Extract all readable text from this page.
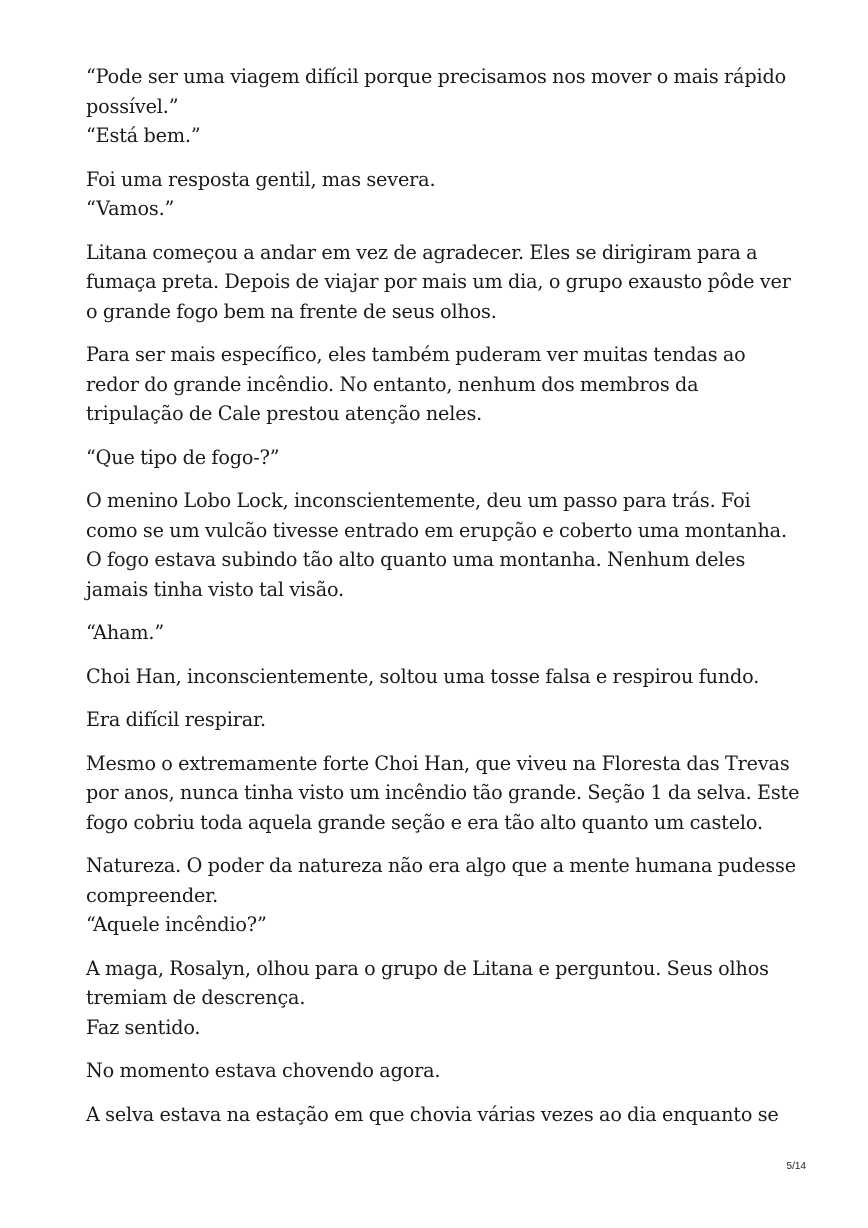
“Pode ser uma viagem difícil porque precisamos nos mover o mais rápido
possível.”
“Está bem.”

Foi uma resposta gentil, mas severa.
“Vamos.”

Litana começou a andar em vez de agradecer. Eles se dirigiram para a
fumaça preta. Depois de viajar por mais um dia, o grupo exausto pôde ver
o grande fogo bem na frente de seus olhos.

Para ser mais específico, eles também puderam ver muitas tendas ao
redor do grande incêndio. No entanto, nenhum dos membros da
tripulação de Cale prestou atenção neles.

“Que tipo de fogo-?”

O menino Lobo Lock, inconscientemente, deu um passo para trás. Foi
como se um vulcão tivesse entrado em erupção e coberto uma montanha.
O fogo estava subindo tão alto quanto uma montanha. Nenhum deles
jamais tinha visto tal visão.

“Aham.”

Choi Han, inconscientemente, soltou uma tosse falsa e respirou fundo.

Era difícil respirar.

Mesmo o extremamente forte Choi Han, que viveu na Floresta das Trevas
por anos, nunca tinha visto um incêndio tão grande. Seção 1 da selva. Este
fogo cobriu toda aquela grande seção e era tão alto quanto um castelo.

Natureza. O poder da natureza não era algo que a mente humana pudesse
compreender.
“Aquele incêndio?”

A maga, Rosalyn, olhou para o grupo de Litana e perguntou. Seus olhos
tremiam de descrença.
Faz sentido.

No momento estava chovendo agora.

A selva estava na estação em que chovia várias vezes ao dia enquanto se

5/14
